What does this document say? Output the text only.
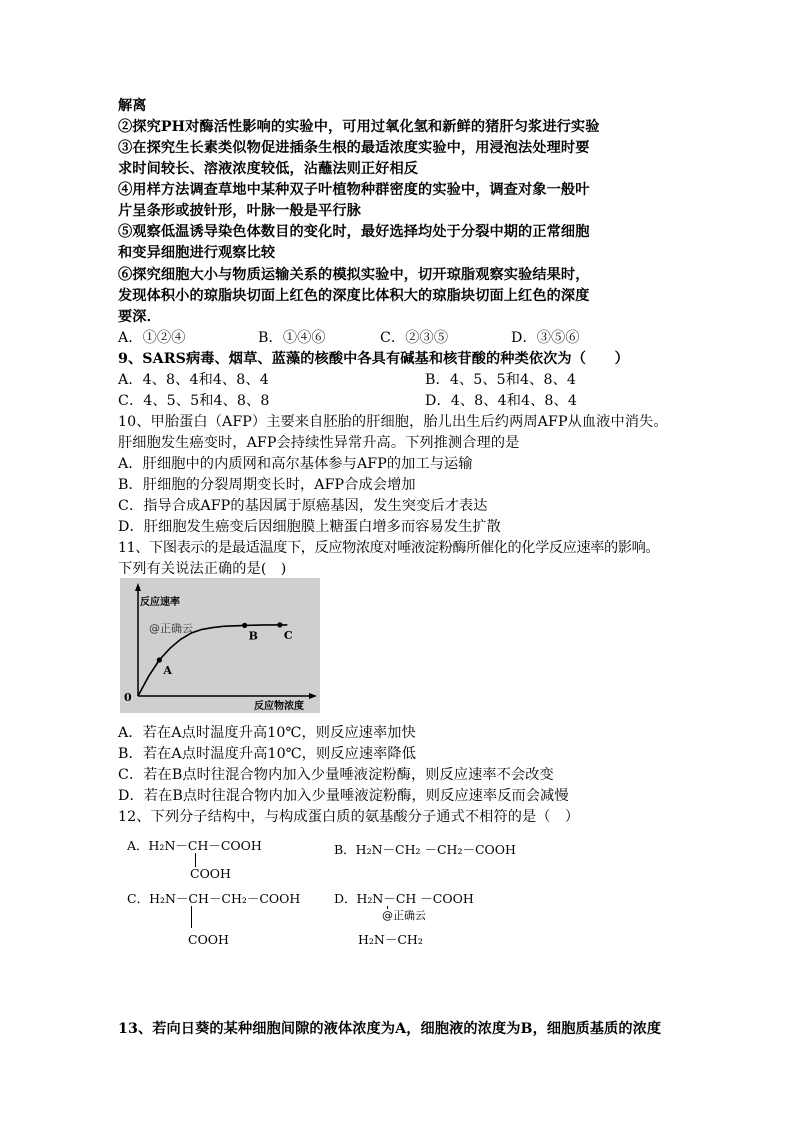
解离
②探究PH对酶活性影响的实验中，可用过氧化氢和新鲜的猪肝匀浆进行实验
③在探究生长素类似物促进插条生根的最适浓度实验中，用浸泡法处理时要
求时间较长、溶液浓度较低，沾蘸法则正好相反
④用样方法调查草地中某种双子叶植物种群密度的实验中，调查对象一般叶
片呈条形或披针形，叶脉一般是平行脉
⑤观察低温诱导染色体数目的变化时，最好选择均处于分裂中期的正常细胞
和变异细胞进行观察比较
⑥探究细胞大小与物质运输关系的模拟实验中，切开琼脂观察实验结果时，
发现体积小的琼脂块切面上红色的深度比体积大的琼脂块切面上红色的深度
要深．
A．①②④	B．①④⑥	C．②③⑤	D．③⑤⑥
9、SARS病毒、烟草、蓝藻的核酸中各具有碱基和核苷酸的种类依次为（　　）
A．4、8、4和4、8、4	B．4、5、5和4、8、4
C．4、5、5和4、8、8	D．4、8、4和4、8、4
10、甲胎蛋白（AFP）主要来自胚胎的肝细胞，胎儿出生后约两周AFP从血液中消失。
肝细胞发生癌变时，AFP会持续性异常升高。下列推测合理的是
A．肝细胞中的内质网和高尔基体参与AFP的加工与运输
B．肝细胞的分裂周期变长时，AFP合成会增加
C．指导合成AFP的基因属于原癌基因，发生突变后才表达
D．肝细胞发生癌变后因细胞膜上糖蛋白增多而容易发生扩散
11、下图表示的是最适温度下，反应物浓度对唾液淀粉酶所催化的化学反应速率的影响。
下列有关说法正确的是(　)
反应速率
反应物浓度
0
@正确云
A
B C
A．若在A点时温度升高10℃，则反应速率加快
B．若在A点时温度升高10℃，则反应速率降低
C．若在B点时往混合物内加入少量唾液淀粉酶，则反应速率不会改变
D．若在B点时往混合物内加入少量唾液淀粉酶，则反应速率反而会减慢
12、下列分子结构中，与构成蛋白质的氨基酸分子通式不相符的是（　）
A．H₂N－CH－COOH
COOH
B．H₂N－CH₂ －CH₂－COOH
C．H₂N－CH－CH₂－COOH
COOH
D．H₂N－CH －COOH
@正确云
H₂N－CH₂
13、若向日葵的某种细胞间隙的液体浓度为A，细胞液的浓度为B，细胞质基质的浓度
